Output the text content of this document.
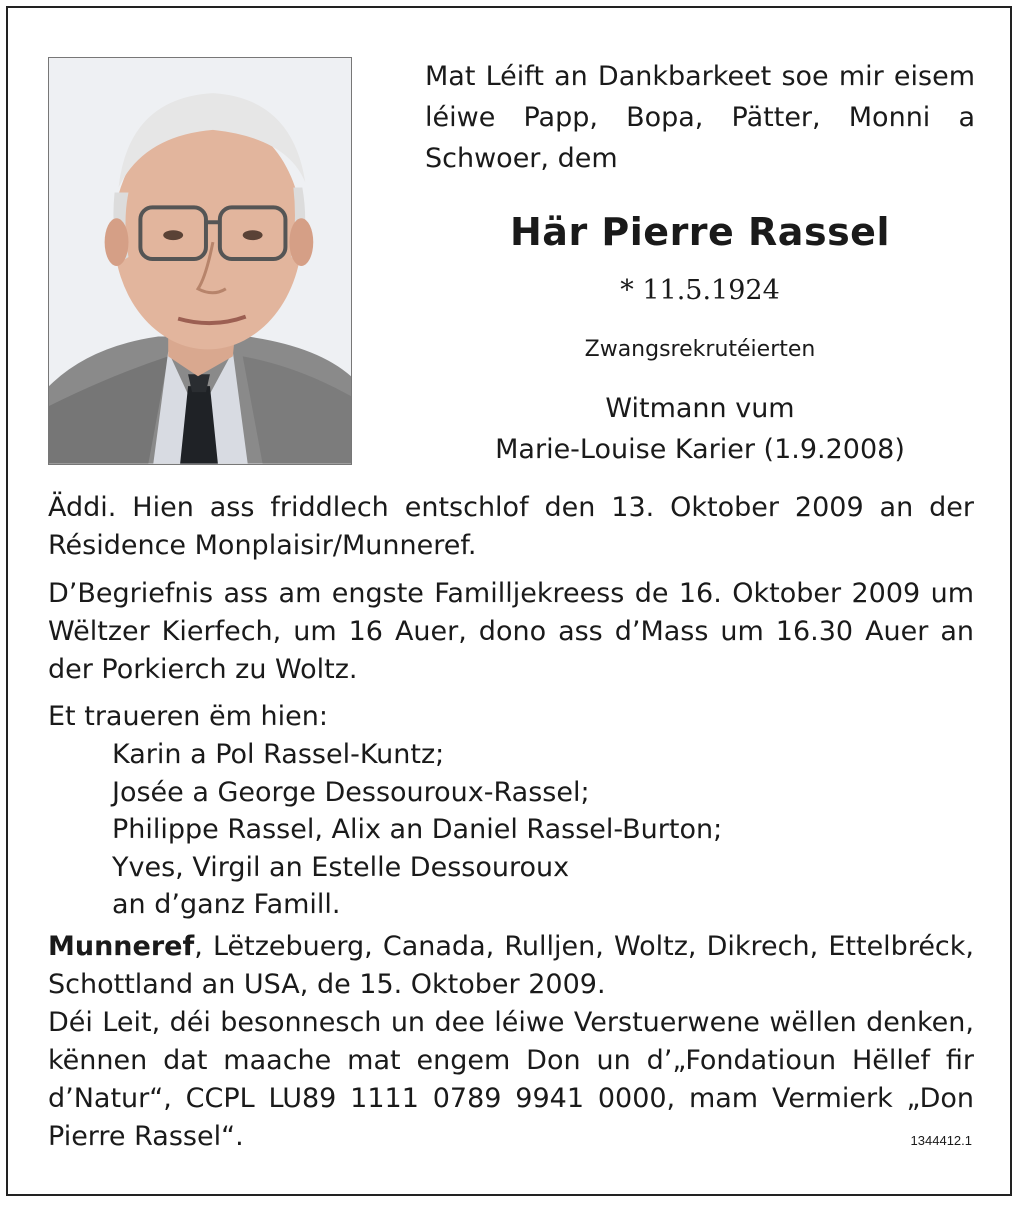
Mat Léift an Dankbarkeet soe mir eisem léiwe Papp, Bopa, Pätter, Monni a Schwoer, dem
Här Pierre Rassel
* 11.5.1924
Zwangsrekrutéierten
Witmann vum
Marie-Louise Karier (1.9.2008)
Äddi. Hien ass friddlech entschlof den 13. Oktober 2009 an der Résidence Monplaisir/Munneref.
D’Begriefnis ass am engste Familljekreess de 16. Oktober 2009 um Wëltzer Kierfech, um 16 Auer, dono ass d’Mass um 16.30 Auer an der Porkierch zu Woltz.
Et traueren ëm hien:
Karin a Pol Rassel-Kuntz;
Josée a George Dessouroux-Rassel;
Philippe Rassel, Alix an Daniel Rassel-Burton;
Yves, Virgil an Estelle Dessouroux
an d’ganz Famill.
Munneref, Lëtzebuerg, Canada, Rulljen, Woltz, Dikrech, Ettelbréck, Schottland an USA, de 15. Oktober 2009.
Déi Leit, déi besonnesch un dee léiwe Verstuerwene wëllen denken, kënnen dat maache mat engem Don un d’„Fondatioun Hëllef fir d’Natur“, CCPL LU89 1111 0789 9941 0000, mam Vermierk „Don Pierre Rassel“.	1344412.1
